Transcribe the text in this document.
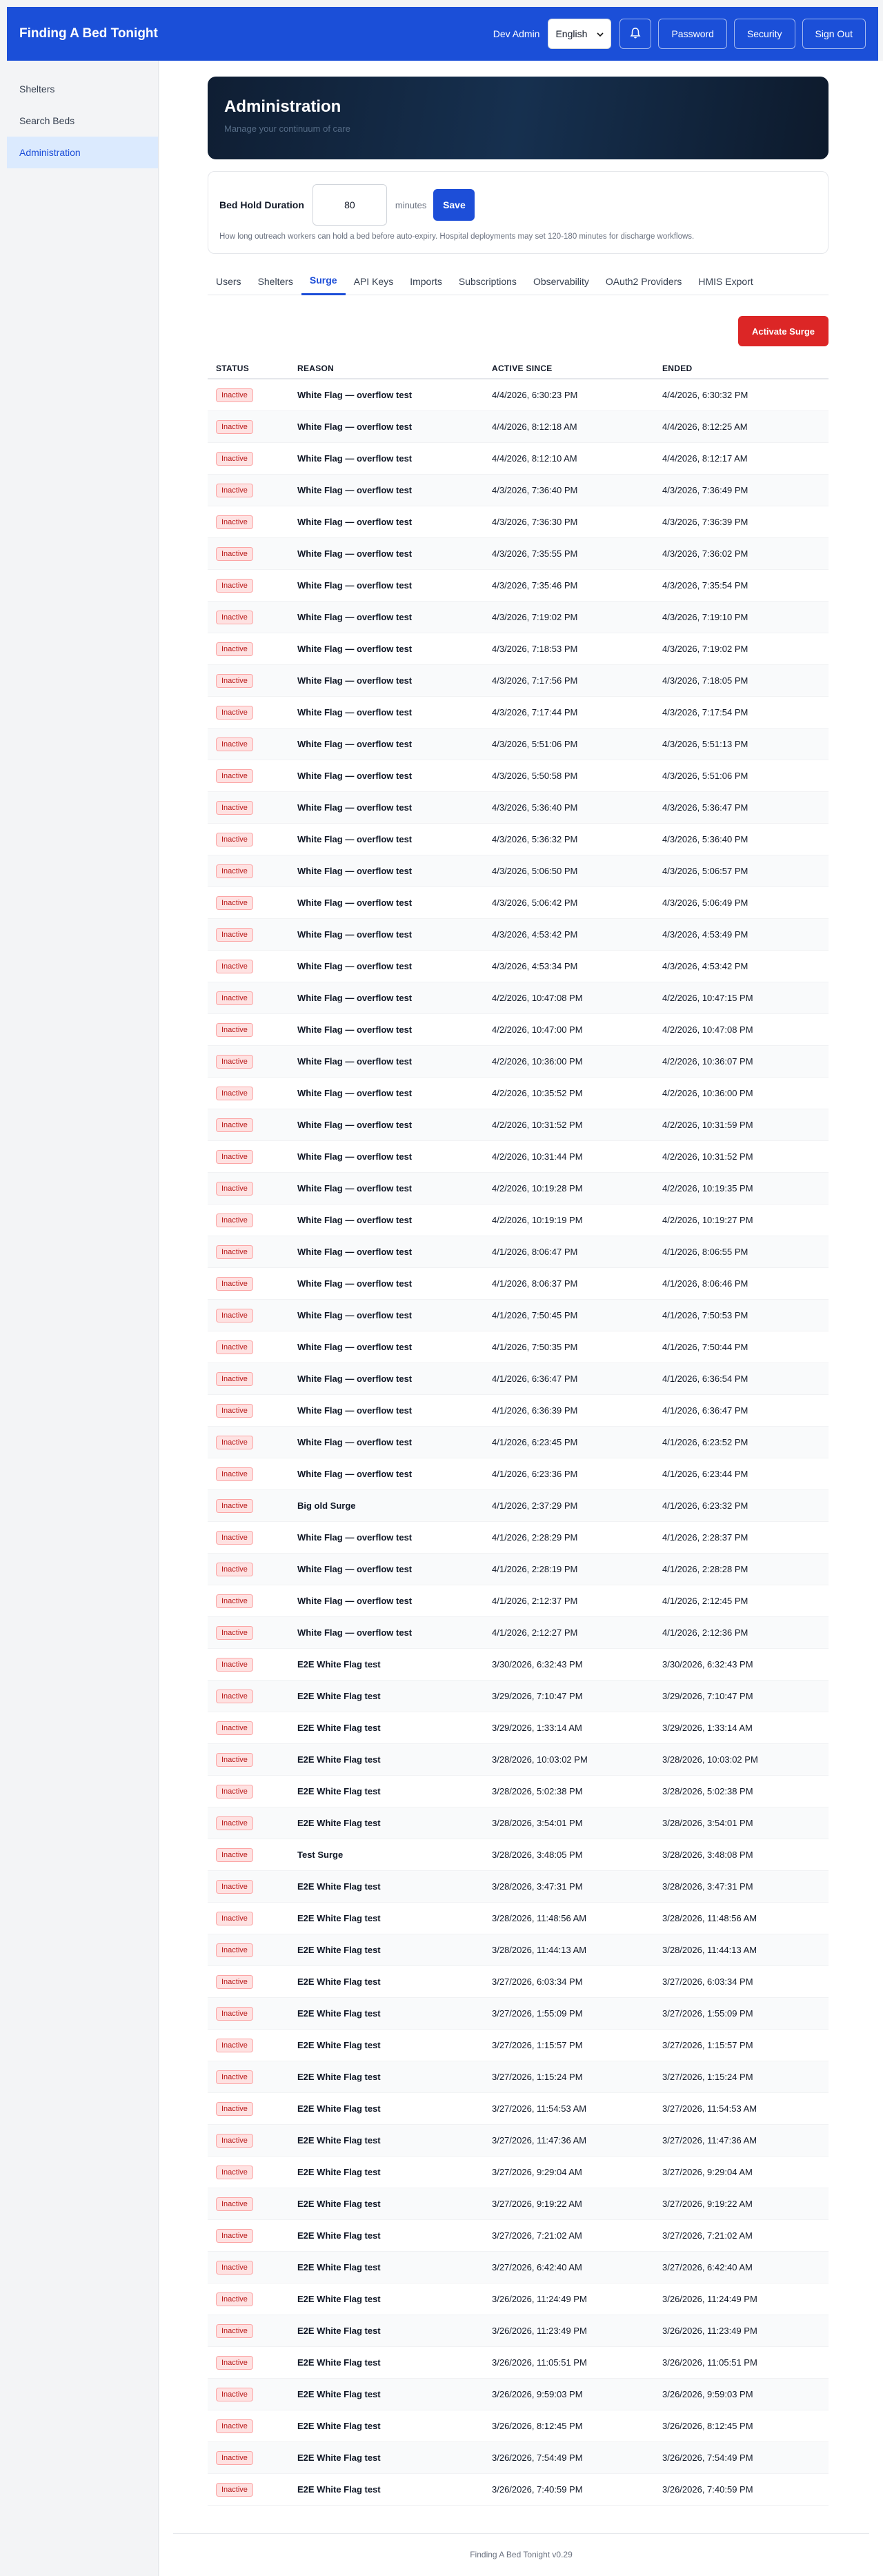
Finding A Bed Tonight	Dev Admin English	Password	Security	Sign Out
Shelters
Search Beds
Administration
Administration

Manage your continuum of care

Bed Hold Duration	80	minutes	Save
How long outreach workers can hold a bed before auto-expiry. Hospital deployments may set 120-180 minutes for discharge workflows.
Users	Shelters	Surge	API Keys	Imports	Subscriptions	Observability	OAuth2 Providers	HMIS Export
Activate Surge
STATUS	REASON	ACTIVE SINCE	ENDED
Inactive	White Flag — overflow test	4/4/2026, 6:30:23 PM	4/4/2026, 6:30:32 PM
Inactive	White Flag — overflow test	4/4/2026, 8:12:18 AM	4/4/2026, 8:12:25 AM
Inactive	White Flag — overflow test	4/4/2026, 8:12:10 AM	4/4/2026, 8:12:17 AM
Inactive	White Flag — overflow test	4/3/2026, 7:36:40 PM	4/3/2026, 7:36:49 PM
Inactive	White Flag — overflow test	4/3/2026, 7:36:30 PM	4/3/2026, 7:36:39 PM
Inactive	White Flag — overflow test	4/3/2026, 7:35:55 PM	4/3/2026, 7:36:02 PM
Inactive	White Flag — overflow test	4/3/2026, 7:35:46 PM	4/3/2026, 7:35:54 PM
Inactive	White Flag — overflow test	4/3/2026, 7:19:02 PM	4/3/2026, 7:19:10 PM
Inactive	White Flag — overflow test	4/3/2026, 7:18:53 PM	4/3/2026, 7:19:02 PM
Inactive	White Flag — overflow test	4/3/2026, 7:17:56 PM	4/3/2026, 7:18:05 PM
Inactive	White Flag — overflow test	4/3/2026, 7:17:44 PM	4/3/2026, 7:17:54 PM
Inactive	White Flag — overflow test	4/3/2026, 5:51:06 PM	4/3/2026, 5:51:13 PM
Inactive	White Flag — overflow test	4/3/2026, 5:50:58 PM	4/3/2026, 5:51:06 PM
Inactive	White Flag — overflow test	4/3/2026, 5:36:40 PM	4/3/2026, 5:36:47 PM
Inactive	White Flag — overflow test	4/3/2026, 5:36:32 PM	4/3/2026, 5:36:40 PM
Inactive	White Flag — overflow test	4/3/2026, 5:06:50 PM	4/3/2026, 5:06:57 PM
Inactive	White Flag — overflow test	4/3/2026, 5:06:42 PM	4/3/2026, 5:06:49 PM
Inactive	White Flag — overflow test	4/3/2026, 4:53:42 PM	4/3/2026, 4:53:49 PM
Inactive	White Flag — overflow test	4/3/2026, 4:53:34 PM	4/3/2026, 4:53:42 PM
Inactive	White Flag — overflow test	4/2/2026, 10:47:08 PM	4/2/2026, 10:47:15 PM
Inactive	White Flag — overflow test	4/2/2026, 10:47:00 PM	4/2/2026, 10:47:08 PM
Inactive	White Flag — overflow test	4/2/2026, 10:36:00 PM	4/2/2026, 10:36:07 PM
Inactive	White Flag — overflow test	4/2/2026, 10:35:52 PM	4/2/2026, 10:36:00 PM
Inactive	White Flag — overflow test	4/2/2026, 10:31:52 PM	4/2/2026, 10:31:59 PM
Inactive	White Flag — overflow test	4/2/2026, 10:31:44 PM	4/2/2026, 10:31:52 PM
Inactive	White Flag — overflow test	4/2/2026, 10:19:28 PM	4/2/2026, 10:19:35 PM
Inactive	White Flag — overflow test	4/2/2026, 10:19:19 PM	4/2/2026, 10:19:27 PM
Inactive	White Flag — overflow test	4/1/2026, 8:06:47 PM	4/1/2026, 8:06:55 PM
Inactive	White Flag — overflow test	4/1/2026, 8:06:37 PM	4/1/2026, 8:06:46 PM
Inactive	White Flag — overflow test	4/1/2026, 7:50:45 PM	4/1/2026, 7:50:53 PM
Inactive	White Flag — overflow test	4/1/2026, 7:50:35 PM	4/1/2026, 7:50:44 PM
Inactive	White Flag — overflow test	4/1/2026, 6:36:47 PM	4/1/2026, 6:36:54 PM
Inactive	White Flag — overflow test	4/1/2026, 6:36:39 PM	4/1/2026, 6:36:47 PM
Inactive	White Flag — overflow test	4/1/2026, 6:23:45 PM	4/1/2026, 6:23:52 PM
Inactive	White Flag — overflow test	4/1/2026, 6:23:36 PM	4/1/2026, 6:23:44 PM
Inactive	Big old Surge	4/1/2026, 2:37:29 PM	4/1/2026, 6:23:32 PM
Inactive	White Flag — overflow test	4/1/2026, 2:28:29 PM	4/1/2026, 2:28:37 PM
Inactive	White Flag — overflow test	4/1/2026, 2:28:19 PM	4/1/2026, 2:28:28 PM
Inactive	White Flag — overflow test	4/1/2026, 2:12:37 PM	4/1/2026, 2:12:45 PM
Inactive	White Flag — overflow test	4/1/2026, 2:12:27 PM	4/1/2026, 2:12:36 PM
Inactive	E2E White Flag test	3/30/2026, 6:32:43 PM	3/30/2026, 6:32:43 PM
Inactive	E2E White Flag test	3/29/2026, 7:10:47 PM	3/29/2026, 7:10:47 PM
Inactive	E2E White Flag test	3/29/2026, 1:33:14 AM	3/29/2026, 1:33:14 AM
Inactive	E2E White Flag test	3/28/2026, 10:03:02 PM	3/28/2026, 10:03:02 PM
Inactive	E2E White Flag test	3/28/2026, 5:02:38 PM	3/28/2026, 5:02:38 PM
Inactive	E2E White Flag test	3/28/2026, 3:54:01 PM	3/28/2026, 3:54:01 PM
Inactive	Test Surge	3/28/2026, 3:48:05 PM	3/28/2026, 3:48:08 PM
Inactive	E2E White Flag test	3/28/2026, 3:47:31 PM	3/28/2026, 3:47:31 PM
Inactive	E2E White Flag test	3/28/2026, 11:48:56 AM	3/28/2026, 11:48:56 AM
Inactive	E2E White Flag test	3/28/2026, 11:44:13 AM	3/28/2026, 11:44:13 AM
Inactive	E2E White Flag test	3/27/2026, 6:03:34 PM	3/27/2026, 6:03:34 PM
Inactive	E2E White Flag test	3/27/2026, 1:55:09 PM	3/27/2026, 1:55:09 PM
Inactive	E2E White Flag test	3/27/2026, 1:15:57 PM	3/27/2026, 1:15:57 PM
Inactive	E2E White Flag test	3/27/2026, 1:15:24 PM	3/27/2026, 1:15:24 PM
Inactive	E2E White Flag test	3/27/2026, 11:54:53 AM	3/27/2026, 11:54:53 AM
Inactive	E2E White Flag test	3/27/2026, 11:47:36 AM	3/27/2026, 11:47:36 AM
Inactive	E2E White Flag test	3/27/2026, 9:29:04 AM	3/27/2026, 9:29:04 AM
Inactive	E2E White Flag test	3/27/2026, 9:19:22 AM	3/27/2026, 9:19:22 AM
Inactive	E2E White Flag test	3/27/2026, 7:21:02 AM	3/27/2026, 7:21:02 AM
Inactive	E2E White Flag test	3/27/2026, 6:42:40 AM	3/27/2026, 6:42:40 AM
Inactive	E2E White Flag test	3/26/2026, 11:24:49 PM	3/26/2026, 11:24:49 PM
Inactive	E2E White Flag test	3/26/2026, 11:23:49 PM	3/26/2026, 11:23:49 PM
Inactive	E2E White Flag test	3/26/2026, 11:05:51 PM	3/26/2026, 11:05:51 PM
Inactive	E2E White Flag test	3/26/2026, 9:59:03 PM	3/26/2026, 9:59:03 PM
Inactive	E2E White Flag test	3/26/2026, 8:12:45 PM	3/26/2026, 8:12:45 PM
Inactive	E2E White Flag test	3/26/2026, 7:54:49 PM	3/26/2026, 7:54:49 PM
Inactive	E2E White Flag test	3/26/2026, 7:40:59 PM	3/26/2026, 7:40:59 PM
Finding A Bed Tonight v0.29
